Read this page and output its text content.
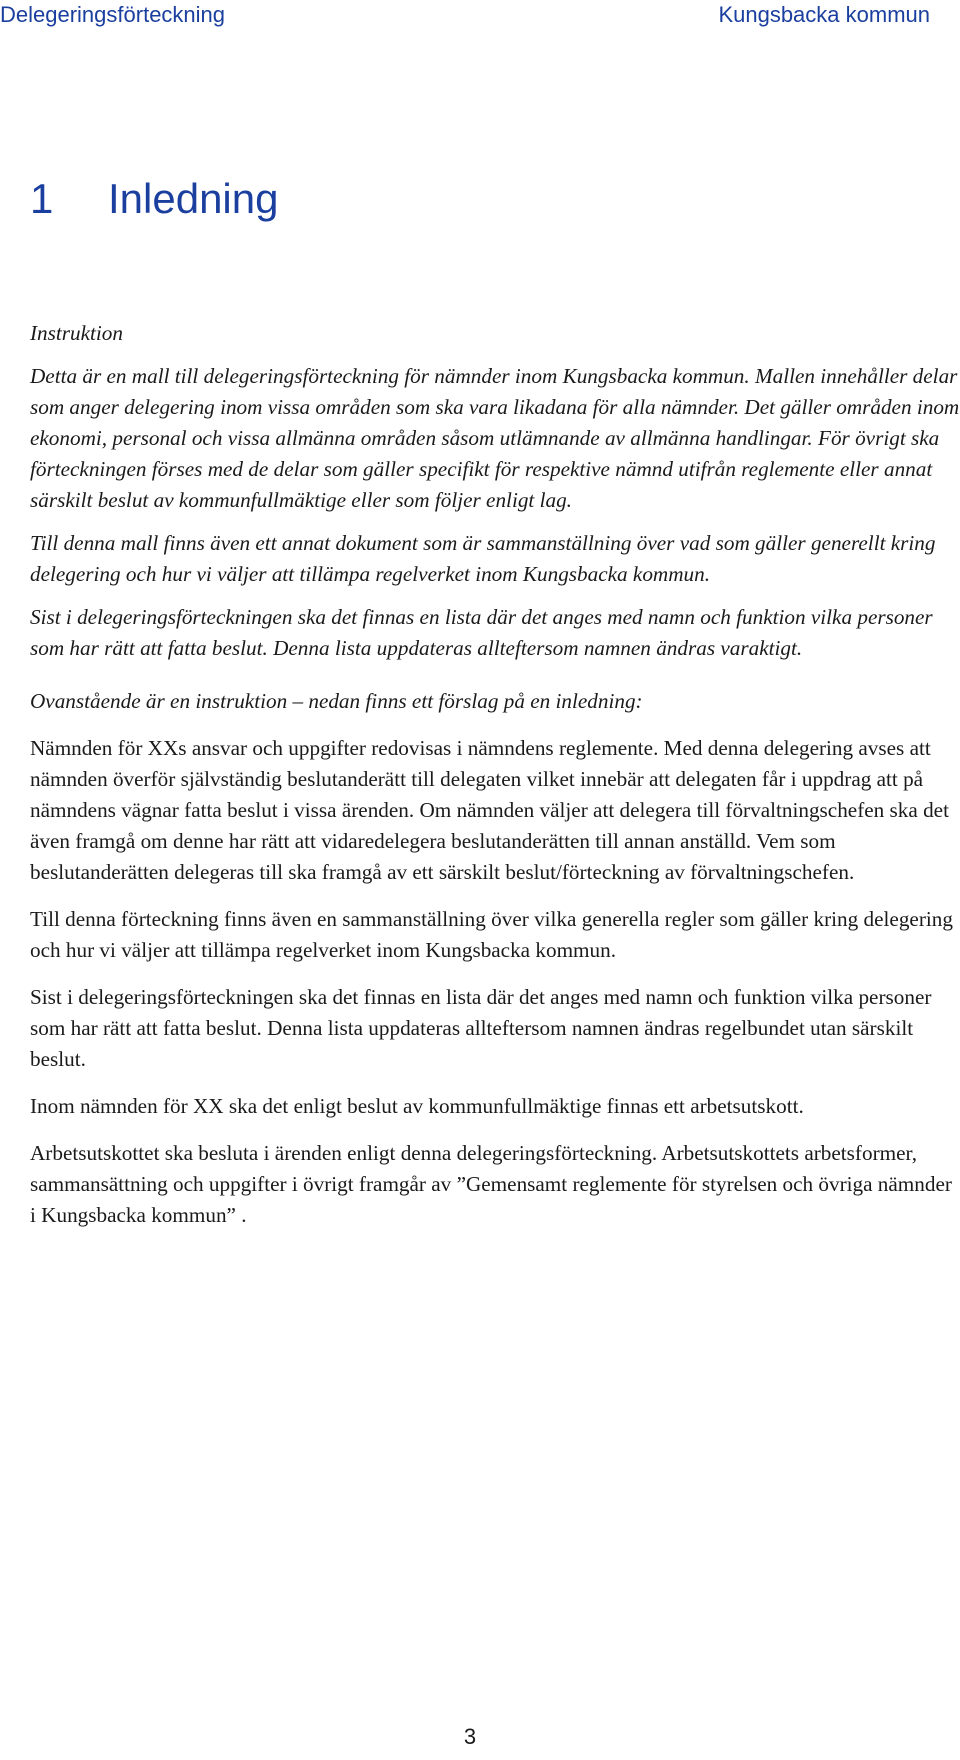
Delegeringsförteckning	Kungsbacka kommun
1 Inledning

Instruktion

Detta är en mall till delegeringsförteckning för nämnder inom Kungsbacka kommun. Mallen innehåller delar som anger delegering inom vissa områden som ska vara likadana för alla nämnder. Det gäller områden inom ekonomi, personal och vissa allmänna områden såsom utlämnande av allmänna handlingar. För övrigt ska förteckningen förses med de delar som gäller specifikt för respektive nämnd utifrån reglemente eller annat särskilt beslut av kommunfullmäktige eller som följer enligt lag.

Till denna mall finns även ett annat dokument som är sammanställning över vad som gäller generellt kring delegering och hur vi väljer att tillämpa regelverket inom Kungsbacka kommun.

Sist i delegeringsförteckningen ska det finnas en lista där det anges med namn och funktion vilka personer som har rätt att fatta beslut. Denna lista uppdateras allteftersom namnen ändras varaktigt.

Ovanstående är en instruktion – nedan finns ett förslag på en inledning:

Nämnden för XXs ansvar och uppgifter redovisas i nämndens reglemente. Med denna delegering avses att nämnden överför självständig beslutanderätt till delegaten vilket innebär att delegaten får i uppdrag att på nämndens vägnar fatta beslut i vissa ärenden. Om nämnden väljer att delegera till förvaltningschefen ska det även framgå om denne har rätt att vidaredelegera beslutanderätten till annan anställd. Vem som beslutanderätten delegeras till ska framgå av ett särskilt beslut/förteckning av förvaltningschefen.

Till denna förteckning finns även en sammanställning över vilka generella regler som gäller kring delegering och hur vi väljer att tillämpa regelverket inom Kungsbacka kommun.

Sist i delegeringsförteckningen ska det finnas en lista där det anges med namn och funktion vilka personer som har rätt att fatta beslut. Denna lista uppdateras allteftersom namnen ändras regelbundet utan särskilt beslut.

Inom nämnden för XX ska det enligt beslut av kommunfullmäktige finnas ett arbetsutskott.

Arbetsutskottet ska besluta i ärenden enligt denna delegeringsförteckning. Arbetsutskottets arbetsformer, sammansättning och uppgifter i övrigt framgår av ”Gemensamt reglemente för styrelsen och övriga nämnder i Kungsbacka kommun” .

3
